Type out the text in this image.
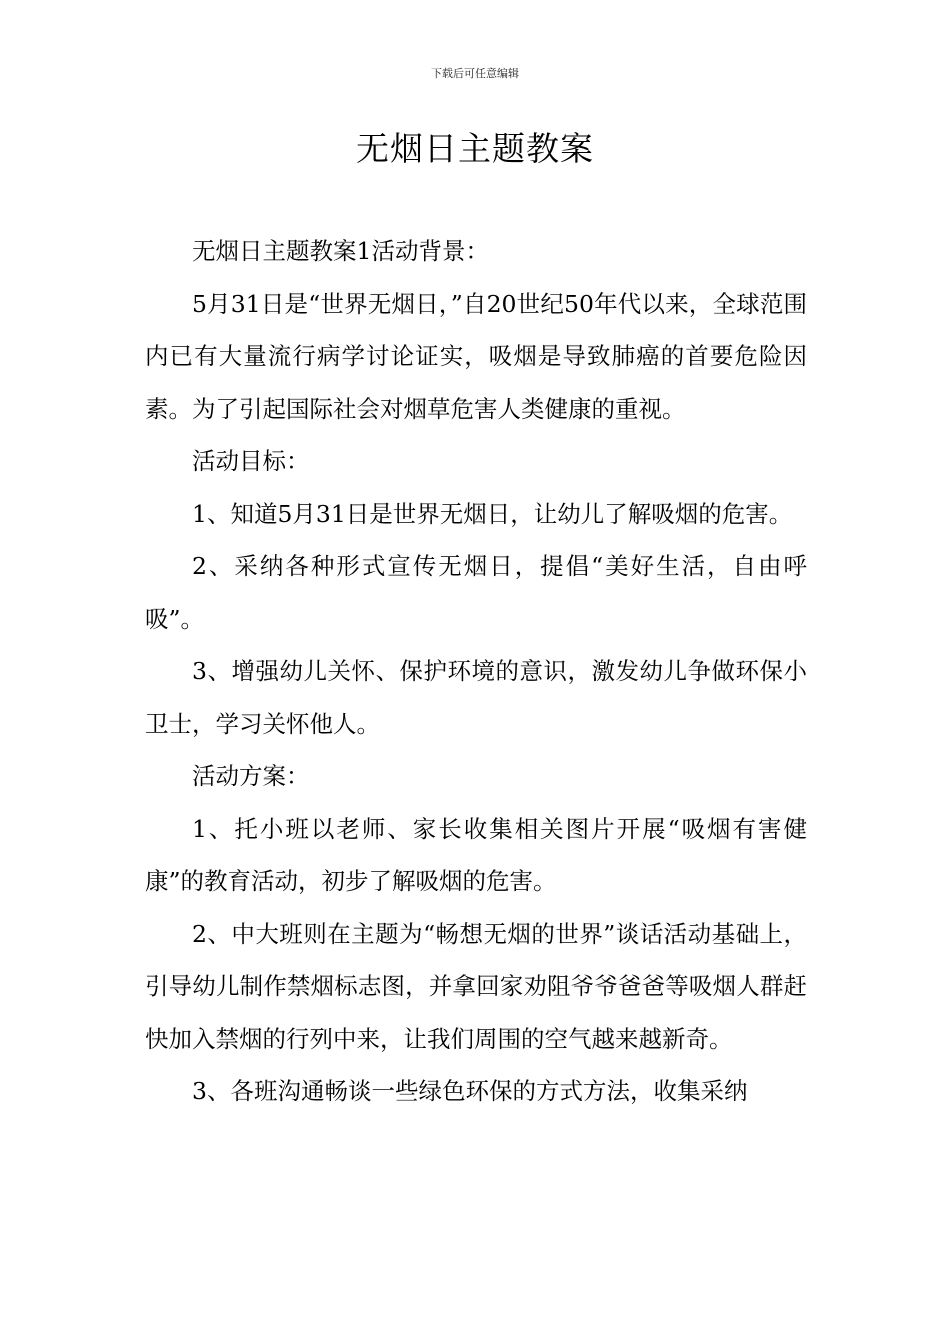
下载后可任意编辑
无烟日主题教案

无烟日主题教案1活动背景：

5月31日是“世界无烟日，”自20世纪50年代以来，全球范围内已有大量流行病学讨论证实，吸烟是导致肺癌的首要危险因素。为了引起国际社会对烟草危害人类健康的重视。

活动目标：

1、知道5月31日是世界无烟日，让幼儿了解吸烟的危害。

2、采纳各种形式宣传无烟日，提倡“美好生活，自由呼吸”。

3、增强幼儿关怀、保护环境的意识，激发幼儿争做环保小卫士，学习关怀他人。

活动方案：

1、托小班以老师、家长收集相关图片开展“吸烟有害健康”的教育活动，初步了解吸烟的危害。

2、中大班则在主题为“畅想无烟的世界”谈话活动基础上，引导幼儿制作禁烟标志图，并拿回家劝阻爷爷爸爸等吸烟人群赶快加入禁烟的行列中来，让我们周围的空气越来越新奇。

3、各班沟通畅谈一些绿色环保的方式方法，收集采纳
